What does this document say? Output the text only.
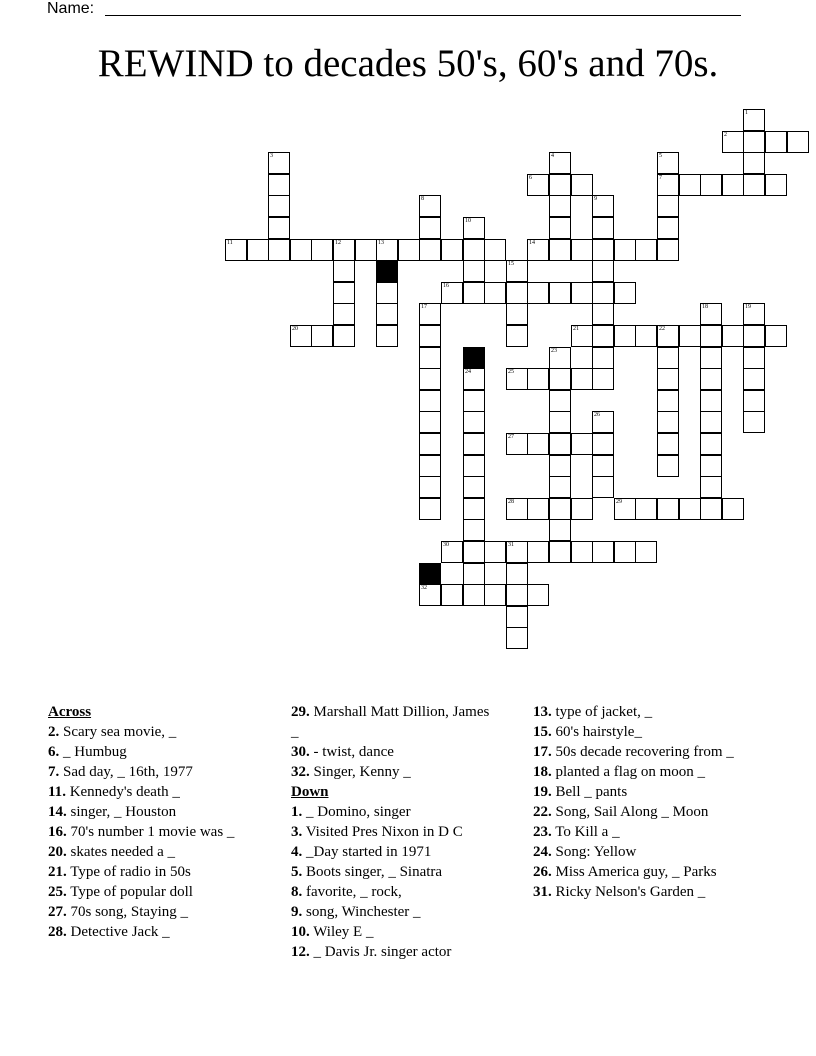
Name:
REWIND to decades 50's, 60's and 70s.
1
2
3	4	5
7
6
8	9
10
11	12	13	14
15
16
17	18	19
20	21	22
23
24	25
26
27
28	29
30	31
32
Across

2 . Scary sea movie, _

6 . _ Humbug

7 . Sad day, _ 16th, 1977

11 . Kennedy's death _

14 . singer, _ Houston

16 . 70's number 1 movie was _

20 . skates needed a _

21 . Type of radio in 50s

25 . Type of popular doll

27 . 70s song, Staying _

28 . Detective Jack _

29 . Marshall Matt Dillion, James _

30 . - twist, dance

32 . Singer, Kenny _

Down

1 . _ Domino, singer

3 . Visited Pres Nixon in D C

4 . _Day started in 1971

5 . Boots singer, _ Sinatra

8 . favorite, _ rock,

9 . song, Winchester _

10 . Wiley E _

12 . _ Davis Jr. singer actor

13 . type of jacket, _

15 . 60's hairstyle_

17 . 50s decade recovering from _

18 . planted a flag on moon _

19 . Bell _ pants

22 . Song, Sail Along _ Moon

23 . To Kill a _

24 . Song: Yellow

26 . Miss America guy, _ Parks

31 . Ricky Nelson's Garden _
